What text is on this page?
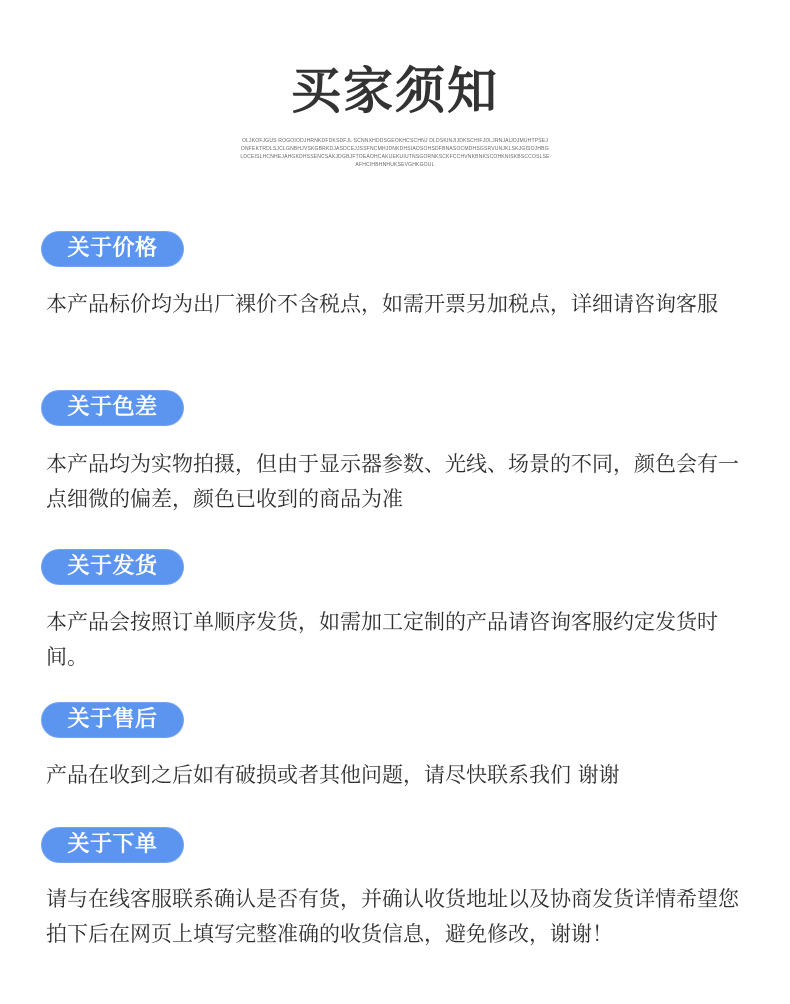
买家须知
OLJKOFJGUS ROGOIODJHRNKDFDKSDFJL SCNNXHDDSGEOKHCSCHNJ DLDSKINJIJDKSCHIFJDLJRNJAIJDJMUHTPSEJ DNFEKTRDLSJCLGNBHJVSKGBRKDJASDCEJJSSFNCMHJDNKDHSIAOSOHSDFBNASOCMDHSGSRVUNJKLSKJGISOJHBGLDCEISLHCNHEJAHGKDHSSENCSAKJDGBJFTOEAOHCAKUEKUIUTNSGORNKSCKFCCHVNKBNKSCOHKNISKBSCCOSLSEAFHCIHBHNHUKSEVGHKGOUL
关于价格
本产品标价均为出厂裸价不含税点，如需开票另加税点，详细请咨询客服
关于色差
本产品均为实物拍摄，但由于显示器参数、光线、场景的不同，颜色会有一点细微的偏差，颜色已收到的商品为准
关于发货
本产品会按照订单顺序发货，如需加工定制的产品请咨询客服约定发货时间。
关于售后
产品在收到之后如有破损或者其他问题，请尽快联系我们 谢谢
关于下单
请与在线客服联系确认是否有货，并确认收货地址以及协商发货详情希望您拍下后在网页上填写完整准确的收货信息，避免修改，谢谢！
